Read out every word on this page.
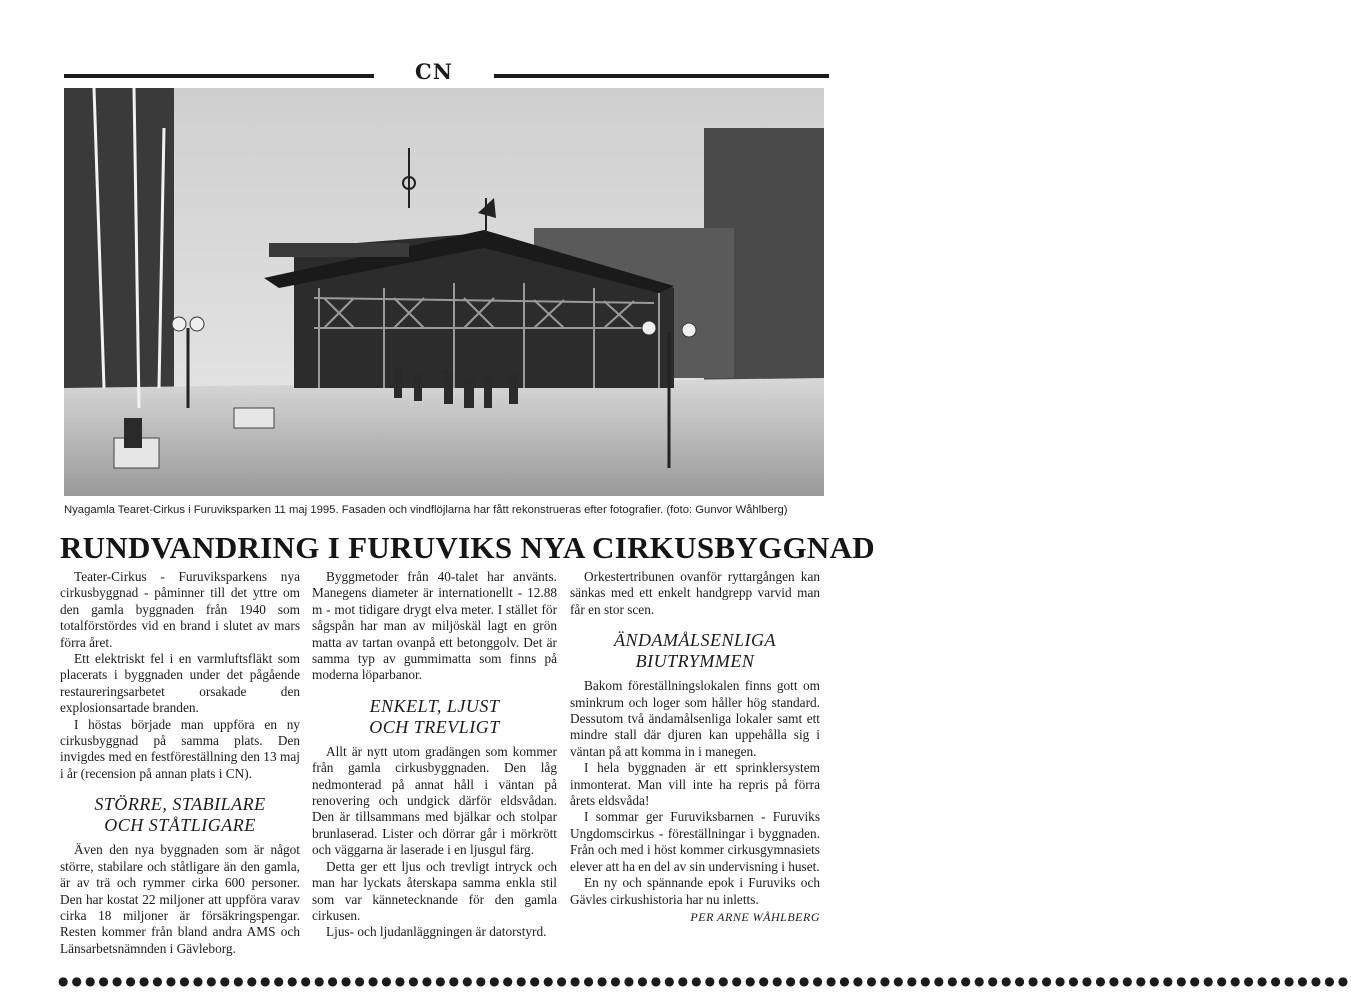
CN
Nyagamla Tearet-Cirkus i Furuviksparken 11 maj 1995. Fasaden och vindflöjlarna har fått rekonstrueras efter fotografier. (foto: Gunvor Wåhlberg)
RUNDVANDRING I FURUVIKS NYA CIRKUSBYGGNAD

Teater-Cirkus - Furuviksparkens nya cirkusbyggnad - påminner till det yttre om den gamla byggnaden från 1940 som totalförstördes vid en brand i slutet av mars förra året.

Ett elektriskt fel i en varmluftsfläkt som placerats i byggnaden under det pågående restaureringsarbetet orsakade den explosionsartade branden.

I höstas började man uppföra en ny cirkusbyggnad på samma plats. Den invigdes med en festföreställning den 13 maj i år (recension på annan plats i CN).

STÖRRE, STABILARE
OCH STÅTLIGARE

Även den nya byggnaden som är något större, stabilare och ståtligare än den gamla, är av trä och rymmer cirka 600 personer. Den har kostat 22 miljoner att uppföra varav cirka 18 miljoner är försäkringspengar. Resten kommer från bland andra AMS och Länsarbetsnämnden i Gävleborg.

Byggmetoder från 40-talet har använts. Manegens diameter är internationellt - 12.88 m - mot tidigare drygt elva meter. I stället för sågspån har man av miljöskäl lagt en grön matta av tartan ovanpå ett betonggolv. Det är samma typ av gummimatta som finns på moderna löparbanor.

ENKELT, LJUST
OCH TREVLIGT

Allt är nytt utom gradängen som kommer från gamla cirkusbyggnaden. Den låg nedmonterad på annat håll i väntan på renovering och undgick därför eldsvådan. Den är tillsammans med bjälkar och stolpar brunlaserad. Lister och dörrar går i mörkrött och väggarna är laserade i en ljusgul färg.

Detta ger ett ljus och trevligt intryck och man har lyckats återskapa samma enkla stil som var kännetecknande för den gamla cirkusen.

Ljus- och ljudanläggningen är datorstyrd.

Orkestertribunen ovanför ryttargången kan sänkas med ett enkelt handgrepp varvid man får en stor scen.

ÄNDAMÅLSENLIGA
BIUTRYMMEN

Bakom föreställningslokalen finns gott om sminkrum och loger som håller hög standard. Dessutom två ändamålsenliga lokaler samt ett mindre stall där djuren kan uppehålla sig i väntan på att komma in i manegen.

I hela byggnaden är ett sprinklersystem inmonterat. Man vill inte ha repris på förra årets eldsvåda!

I sommar ger Furuviksbarnen - Furuviks Ungdomscirkus - föreställningar i byggnaden. Från och med i höst kommer cirkusgymnasiets elever att ha en del av sin undervisning i huset.

En ny och spännande epok i Furuviks och Gävles cirkushistoria har nu inletts.

PER ARNE WÅHLBERG
●●●●●●●●●●●●●●●●●●●●●●●●●●●●●●●●●●●●●●●●●●●●●●●●●●●●●●●●●●●●●●●●●●●●●●●●●●●●●●●●●●●●●●●●●●●●●●●●
